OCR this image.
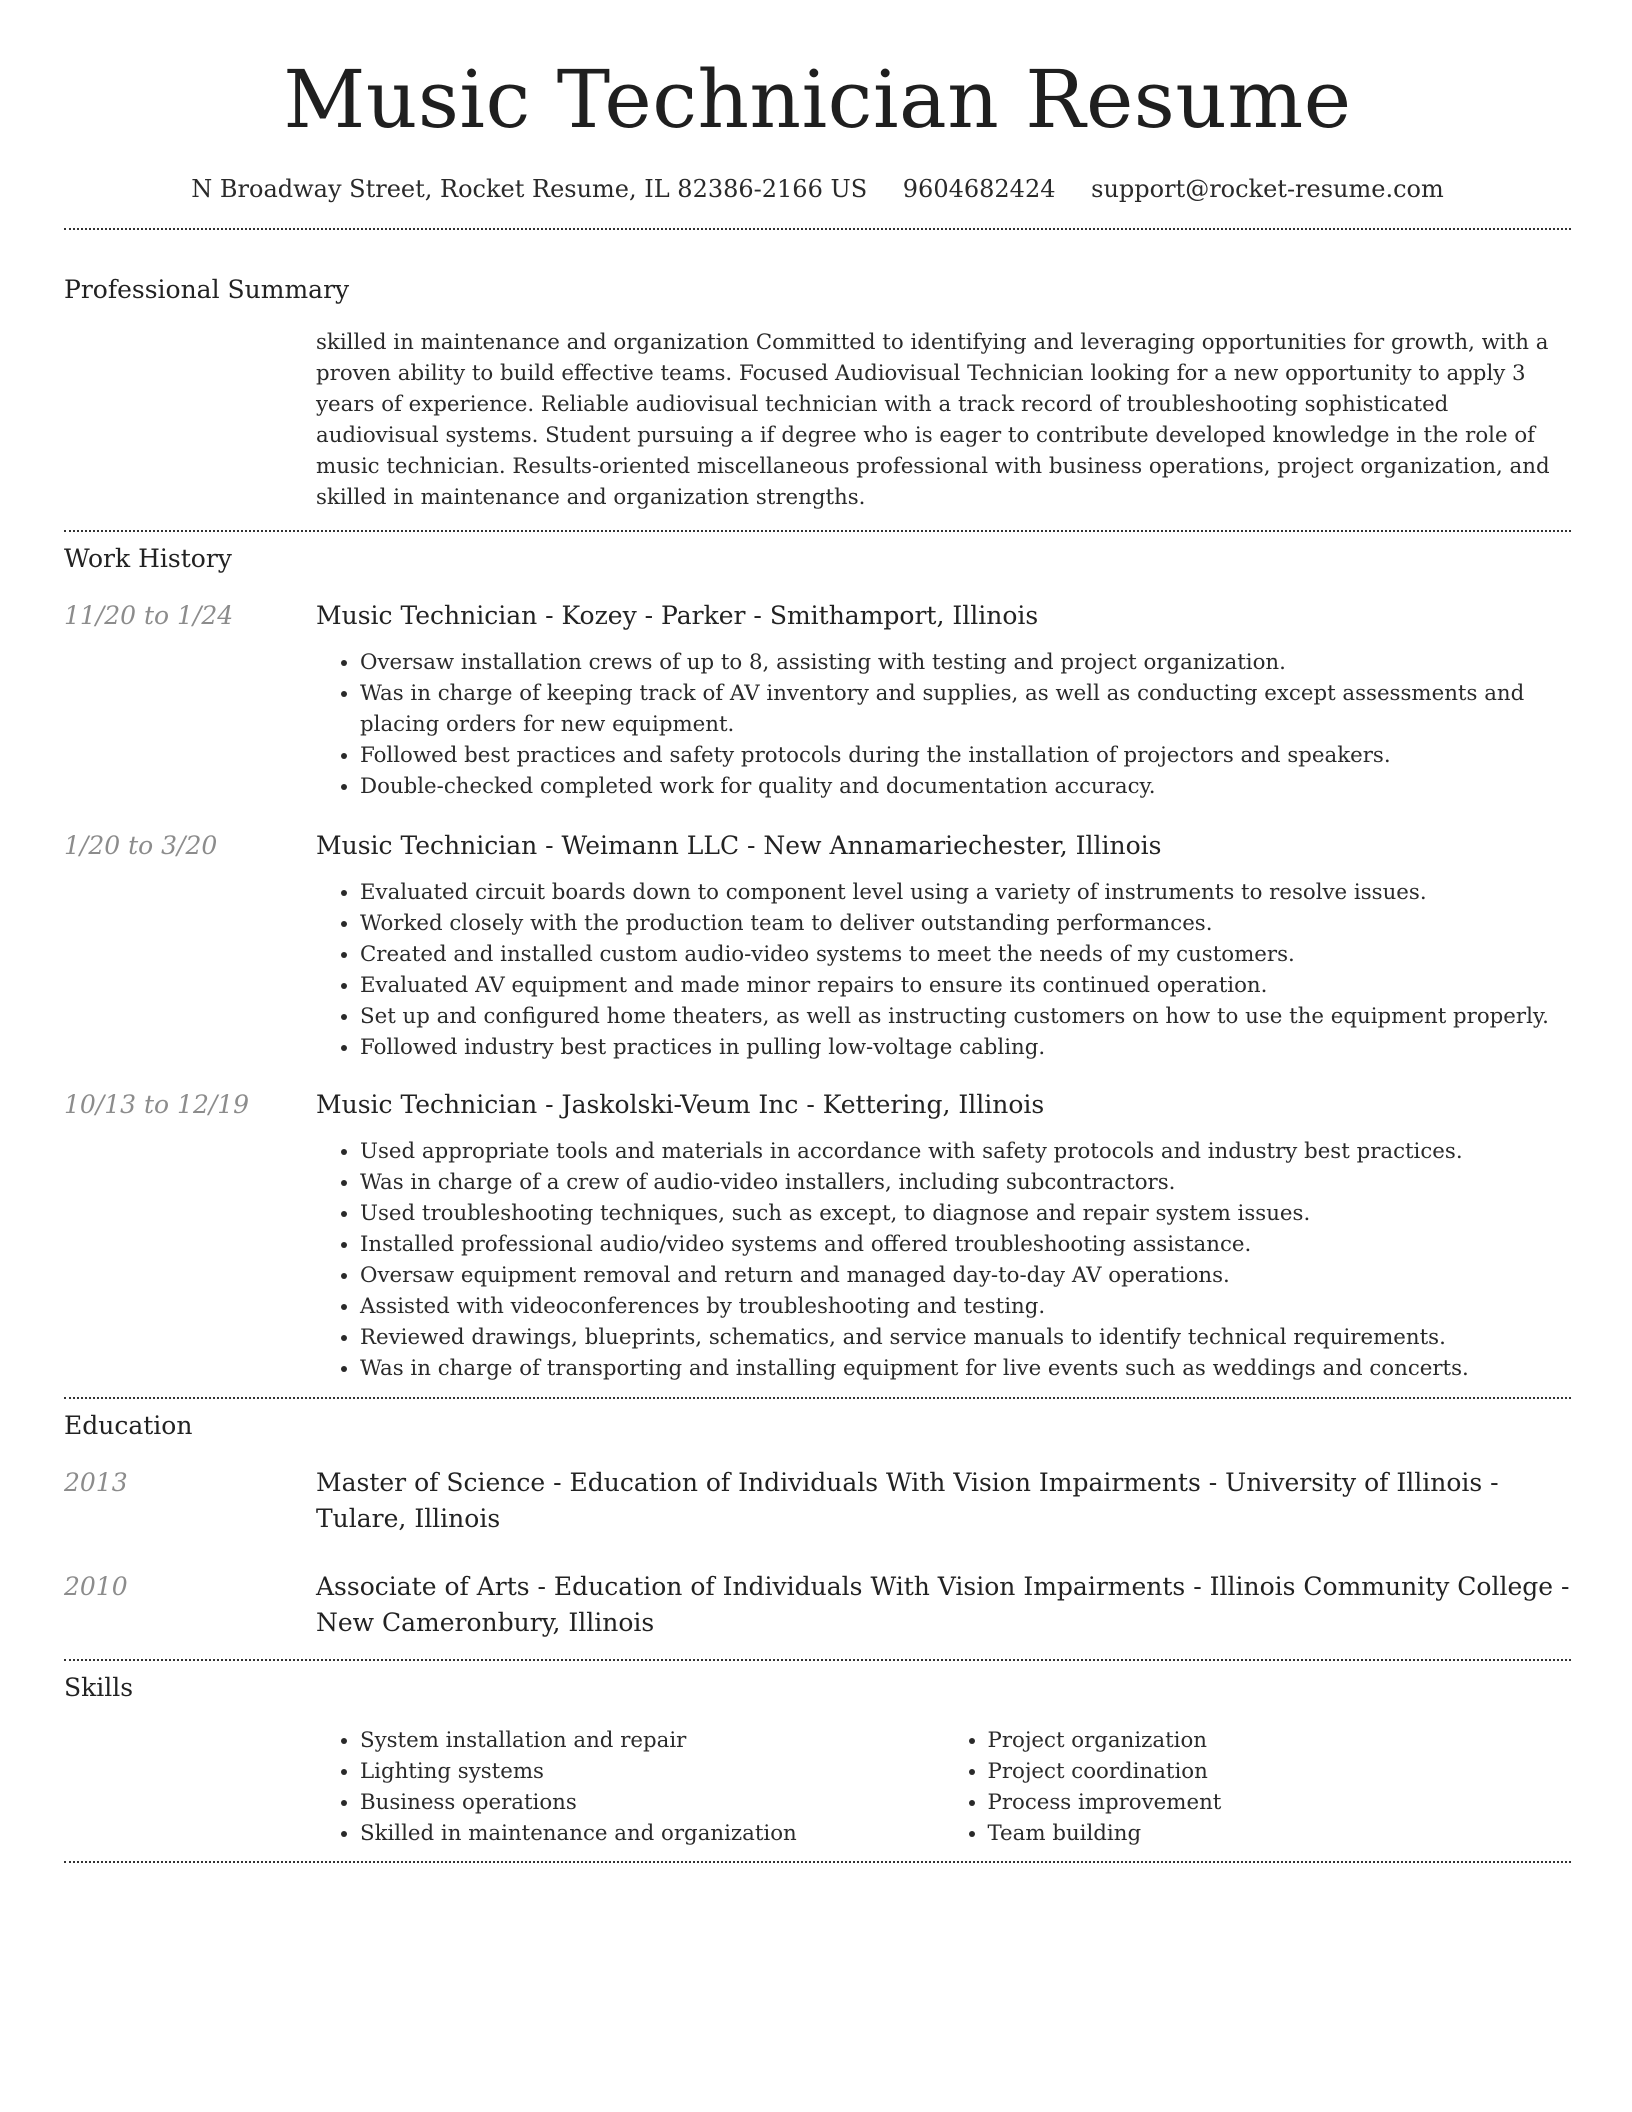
Music Technician Resume
N Broadway Street, Rocket Resume, IL 82386-2166 US 9604682424 support@rocket-resume.com
Professional Summary

skilled in maintenance and organization Committed to identifying and leveraging opportunities for growth, with a proven ability to build effective teams. Focused Audiovisual Technician looking for a new opportunity to apply 3 years of experience. Reliable audiovisual technician with a track record of troubleshooting sophisticated audiovisual systems. Student pursuing a if degree who is eager to contribute developed knowledge in the role of music technician. Results-oriented miscellaneous professional with business operations, project organization, and skilled in maintenance and organization strengths.

Work History
11/20 to 1/24	Music Technician - Kozey - Parker - Smithamport, Illinois
• Oversaw installation crews of up to 8, assisting with testing and project organization.
• Was in charge of keeping track of AV inventory and supplies, as well as conducting except assessments and placing orders for new equipment.
• Followed best practices and safety protocols during the installation of projectors and speakers.
• Double-checked completed work for quality and documentation accuracy.
1/20 to 3/20	Music Technician - Weimann LLC - New Annamariechester, Illinois
• Evaluated circuit boards down to component level using a variety of instruments to resolve issues.
• Worked closely with the production team to deliver outstanding performances.
• Created and installed custom audio-video systems to meet the needs of my customers.
• Evaluated AV equipment and made minor repairs to ensure its continued operation.
• Set up and configured home theaters, as well as instructing customers on how to use the equipment properly.
• Followed industry best practices in pulling low-voltage cabling.
10/13 to 12/19	Music Technician - Jaskolski-Veum Inc - Kettering, Illinois
• Used appropriate tools and materials in accordance with safety protocols and industry best practices.
• Was in charge of a crew of audio-video installers, including subcontractors.
• Used troubleshooting techniques, such as except, to diagnose and repair system issues.
• Installed professional audio/video systems and offered troubleshooting assistance.
• Oversaw equipment removal and return and managed day-to-day AV operations.
• Assisted with videoconferences by troubleshooting and testing.
• Reviewed drawings, blueprints, schematics, and service manuals to identify technical requirements.
• Was in charge of transporting and installing equipment for live events such as weddings and concerts.
Education
2013	Master of Science - Education of Individuals With Vision Impairments - University of Illinois - Tulare, Illinois

2010	Associate of Arts - Education of Individuals With Vision Impairments - Illinois Community College - New Cameronbury, Illinois

Skills
• System installation and repair
• Lighting systems
• Business operations
• Skilled in maintenance and organization
• Project organization
• Project coordination
• Process improvement
• Team building
